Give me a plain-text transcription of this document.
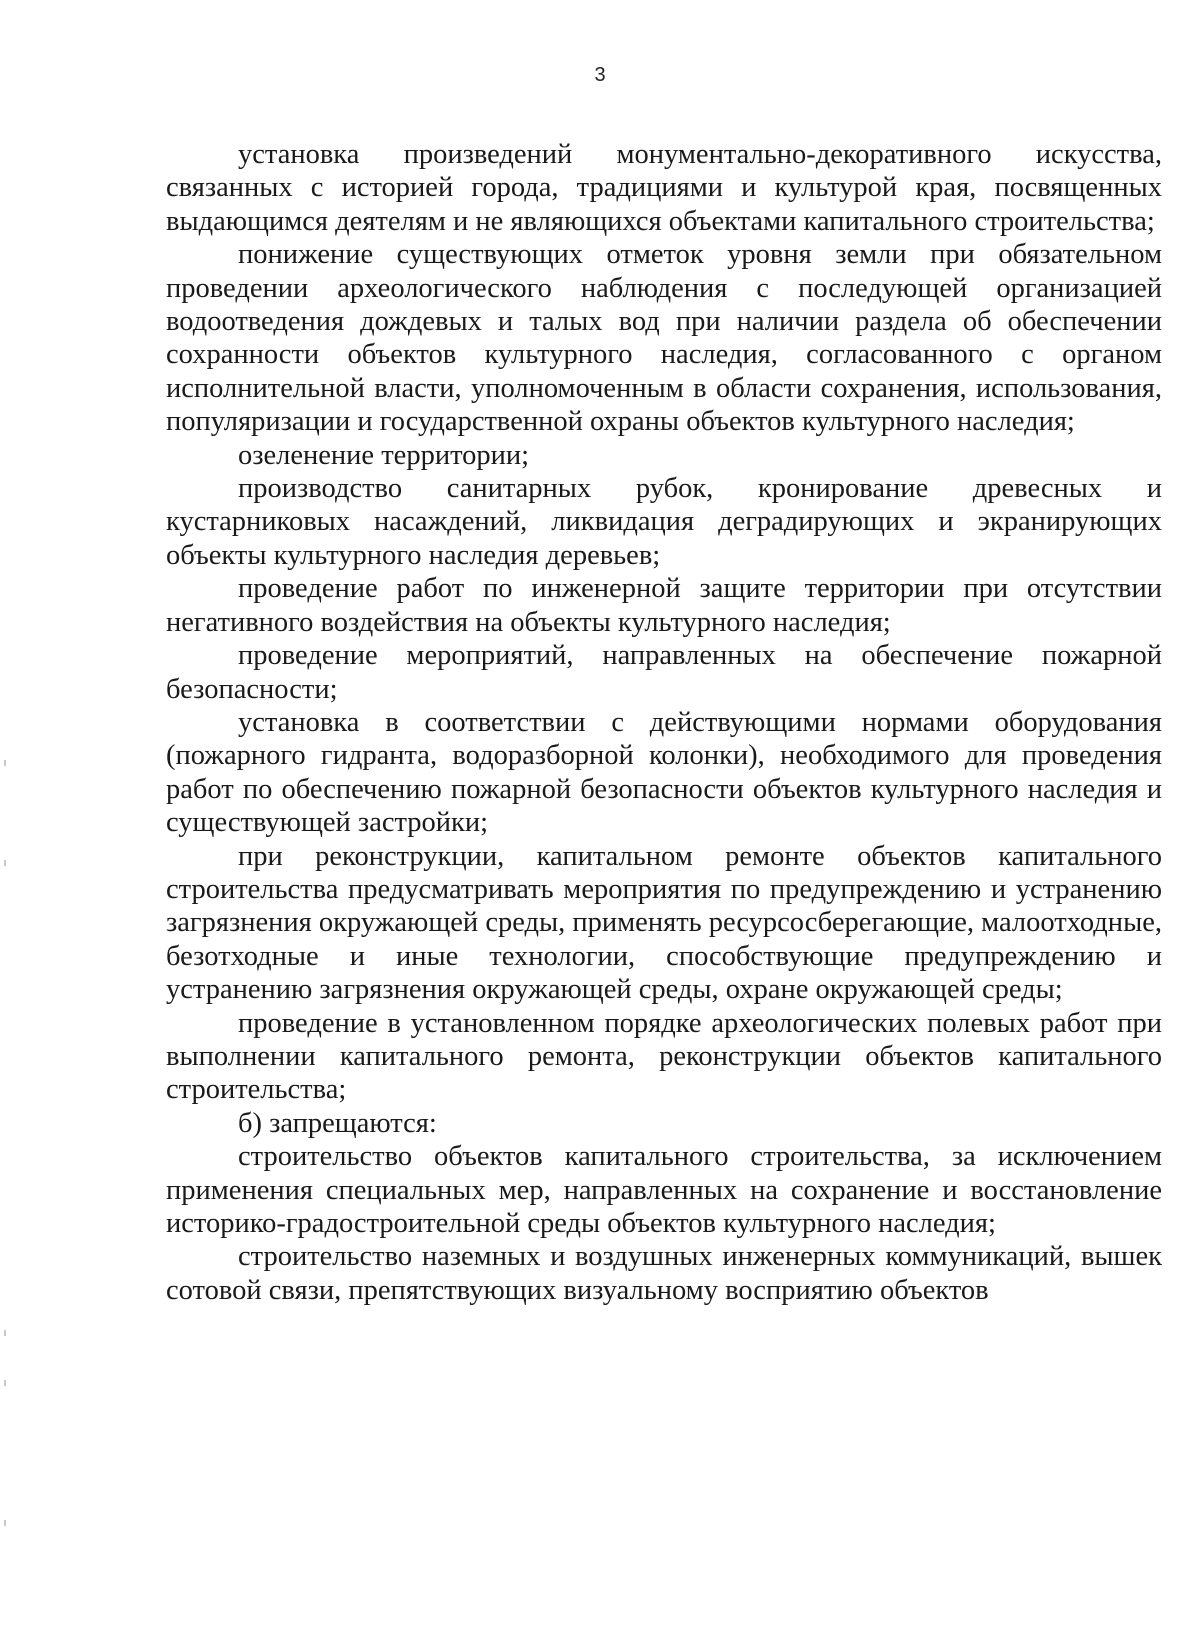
3

установка произведений монументально-декоративного искусства, связанных с историей города, традициями и культурой края, посвященных выдающимся деятелям и не являющихся объектами капитального строительства;

понижение существующих отметок уровня земли при обязательном проведении археологического наблюдения с последующей организацией водоотведения дождевых и талых вод при наличии раздела об обеспечении сохранности объектов культурного наследия, согласованного с органом исполнительной власти, уполномоченным в области сохранения, использования, популяризации и государственной охраны объектов культурного наследия;

озеленение территории;

производство санитарных рубок, кронирование древесных и кустарниковых насаждений, ликвидация деградирующих и экранирующих объекты культурного наследия деревьев;

проведение работ по инженерной защите территории при отсутствии негативного воздействия на объекты культурного наследия;

проведение мероприятий, направленных на обеспечение пожарной безопасности;

установка в соответствии с действующими нормами оборудования (пожарного гидранта, водоразборной колонки), необходимого для проведения работ по обеспечению пожарной безопасности объектов культурного наследия и существующей застройки;

при реконструкции, капитальном ремонте объектов капитального строительства предусматривать мероприятия по предупреждению и устранению загрязнения окружающей среды, применять ресурсосберегающие, малоотходные, безотходные и иные технологии, способствующие предупреждению и устранению загрязнения окружающей среды, охране окружающей среды;

проведение в установленном порядке археологических полевых работ при выполнении капитального ремонта, реконструкции объектов капитального строительства;

б) запрещаются:

строительство объектов капитального строительства, за исключением применения специальных мер, направленных на сохранение и восстановление историко-градостроительной среды объектов культурного наследия;

строительство наземных и воздушных инженерных коммуникаций, вышек сотовой связи, препятствующих визуальному восприятию объектов
